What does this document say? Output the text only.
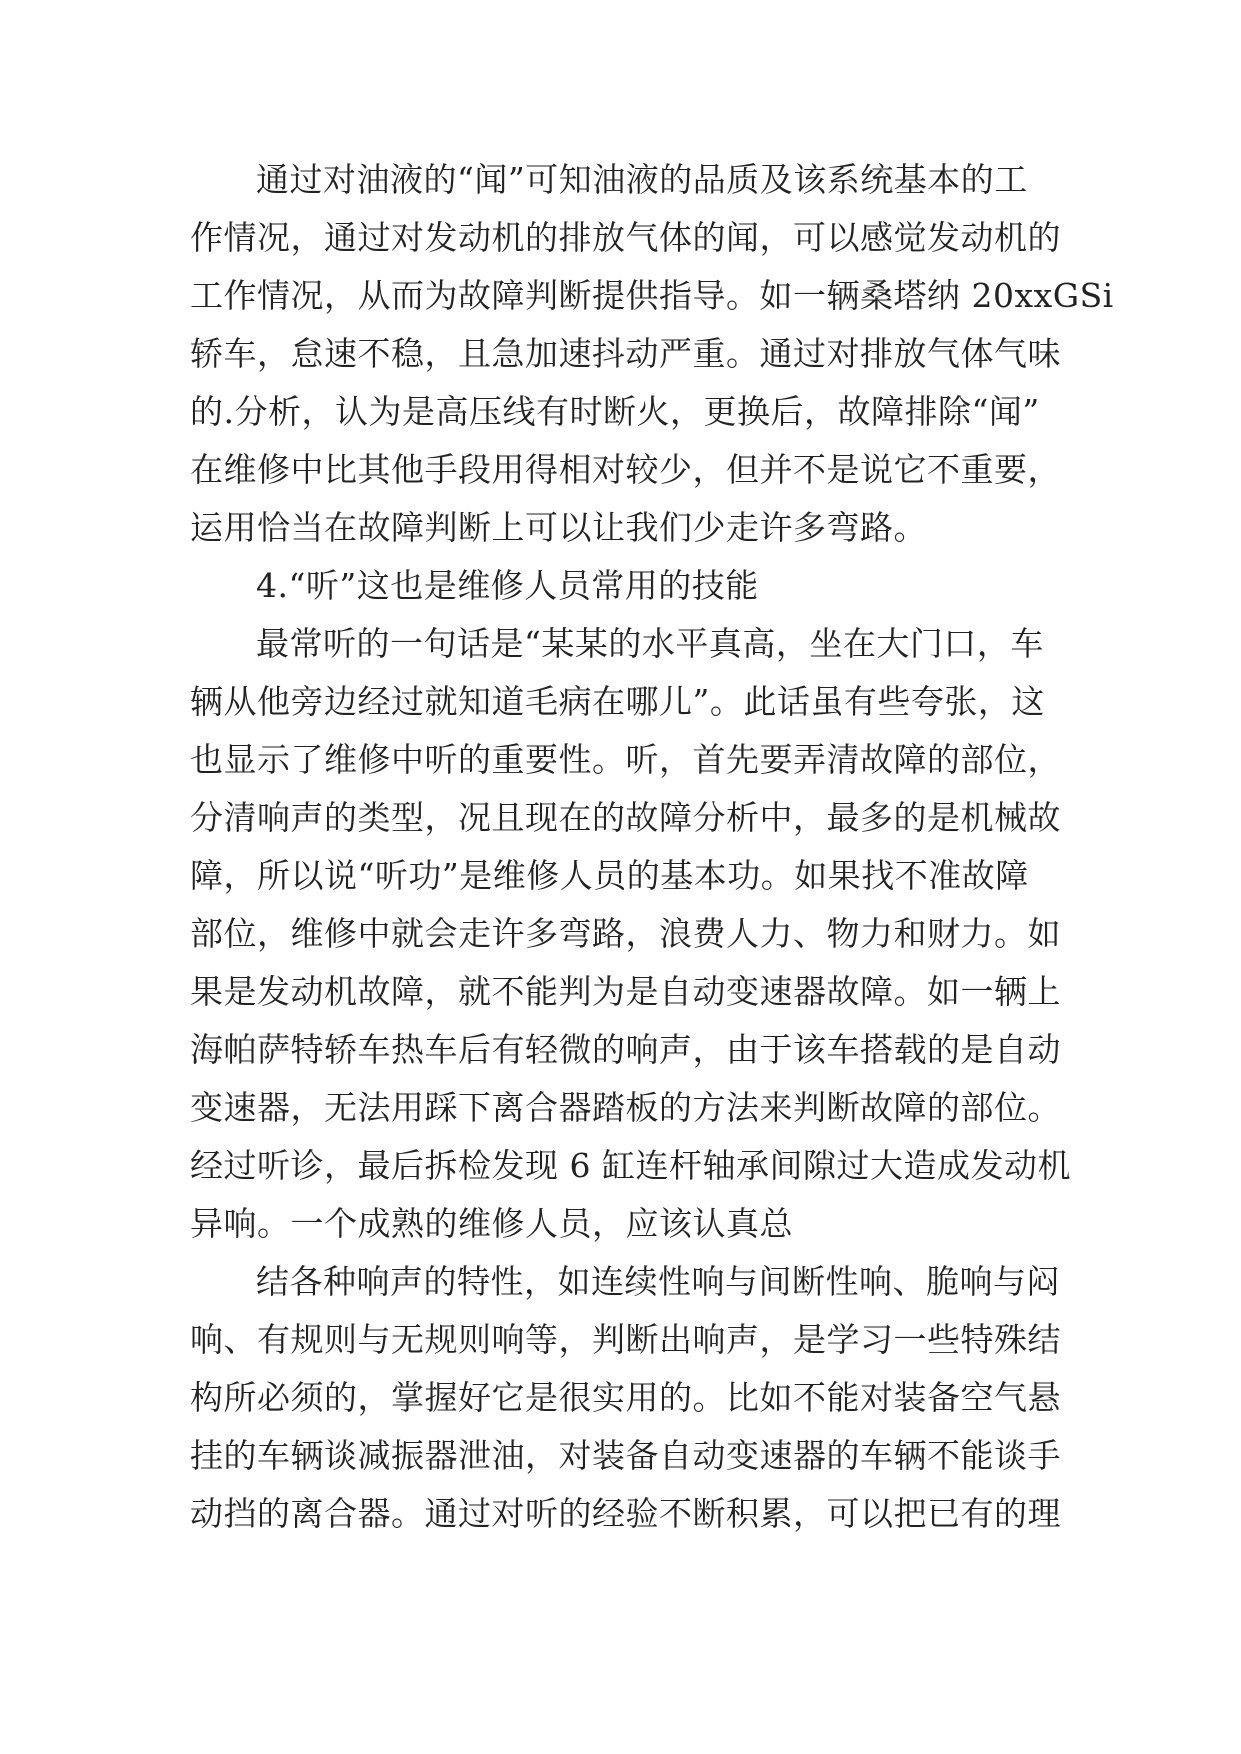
通过对油液的“闻”可知油液的品质及该系统基本的工
作情况，通过对发动机的排放气体的闻，可以感觉发动机的
工作情况，从而为故障判断提供指导。如一辆桑塔纳 20xxGSi
轿车，怠速不稳，且急加速抖动严重。通过对排放气体气味
的.分析，认为是高压线有时断火，更换后，故障排除“闻”
在维修中比其他手段用得相对较少，但并不是说它不重要，
运用恰当在故障判断上可以让我们少走许多弯路。
4.“听”这也是维修人员常用的技能
最常听的一句话是“某某的水平真高，坐在大门口，车
辆从他旁边经过就知道毛病在哪儿”。此话虽有些夸张，这
也显示了维修中听的重要性。听，首先要弄清故障的部位，
分清响声的类型，况且现在的故障分析中，最多的是机械故
障，所以说“听功”是维修人员的基本功。如果找不准故障
部位，维修中就会走许多弯路，浪费人力、物力和财力。如
果是发动机故障，就不能判为是自动变速器故障。如一辆上
海帕萨特轿车热车后有轻微的响声，由于该车搭载的是自动
变速器，无法用踩下离合器踏板的方法来判断故障的部位。
经过听诊，最后拆检发现 6 缸连杆轴承间隙过大造成发动机
异响。一个成熟的维修人员，应该认真总
结各种响声的特性，如连续性响与间断性响、脆响与闷
响、有规则与无规则响等，判断出响声，是学习一些特殊结
构所必须的，掌握好它是很实用的。比如不能对装备空气悬
挂的车辆谈减振器泄油，对装备自动变速器的车辆不能谈手
动挡的离合器。通过对听的经验不断积累，可以把已有的理
